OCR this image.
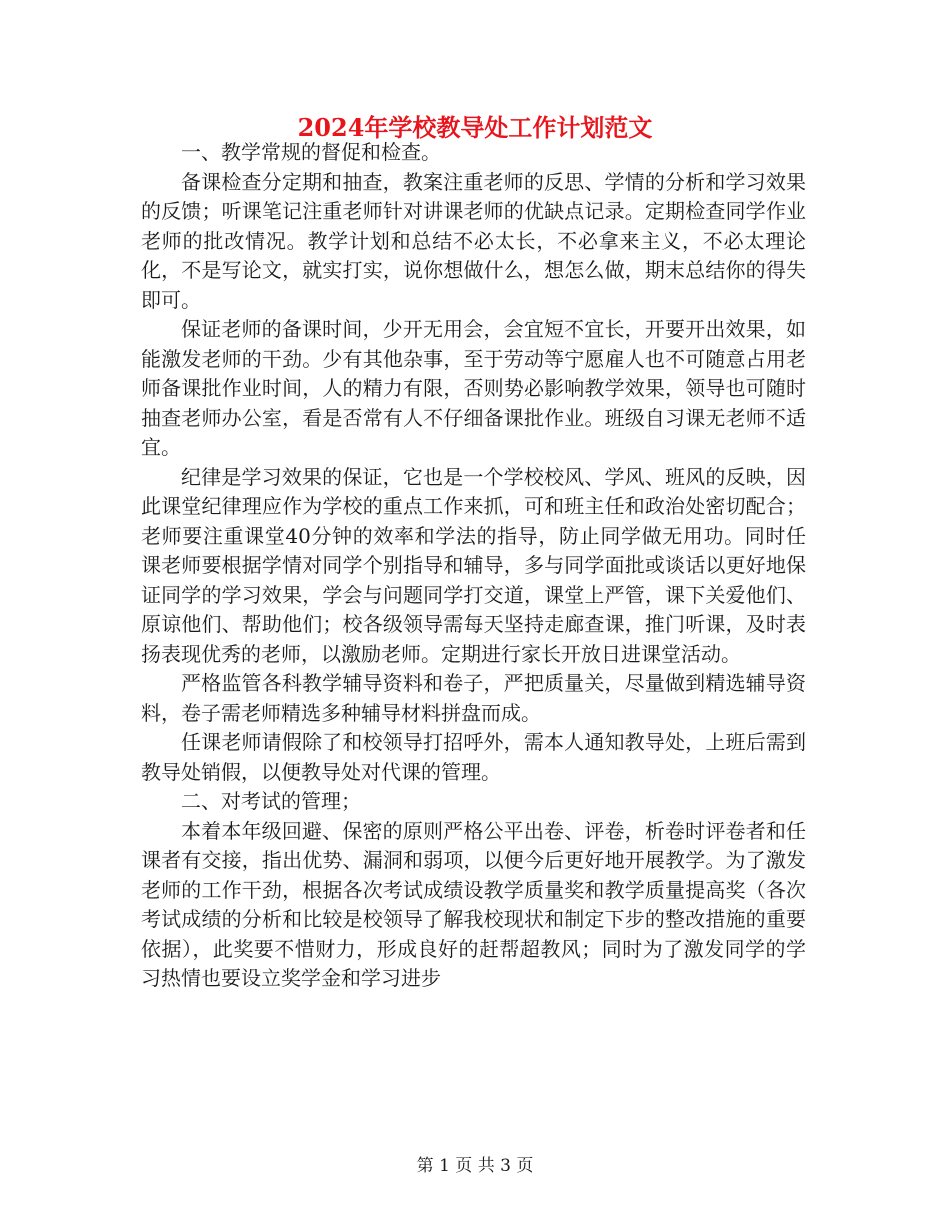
2024年学校教导处工作计划范文

一、教学常规的督促和检查。

备课检查分定期和抽查，教案注重老师的反思、学情的分析和学习效果的反馈；听课笔记注重老师针对讲课老师的优缺点记录。定期检查同学作业老师的批改情况。教学计划和总结不必太长，不必拿来主义，不必太理论化，不是写论文，就实打实，说你想做什么，想怎么做，期末总结你的得失即可。

保证老师的备课时间，少开无用会，会宜短不宜长，开要开出效果，如能激发老师的干劲。少有其他杂事，至于劳动等宁愿雇人也不可随意占用老师备课批作业时间，人的精力有限，否则势必影响教学效果，领导也可随时抽查老师办公室，看是否常有人不仔细备课批作业。班级自习课无老师不适宜。

纪律是学习效果的保证，它也是一个学校校风、学风、班风的反映，因此课堂纪律理应作为学校的重点工作来抓，可和班主任和政治处密切配合；老师要注重课堂40分钟的效率和学法的指导，防止同学做无用功。同时任课老师要根据学情对同学个别指导和辅导，多与同学面批或谈话以更好地保证同学的学习效果，学会与问题同学打交道，课堂上严管，课下关爱他们、原谅他们、帮助他们；校各级领导需每天坚持走廊查课，推门听课，及时表扬表现优秀的老师，以激励老师。定期进行家长开放日进课堂活动。

严格监管各科教学辅导资料和卷子，严把质量关，尽量做到精选辅导资料，卷子需老师精选多种辅导材料拼盘而成。

任课老师请假除了和校领导打招呼外，需本人通知教导处，上班后需到教导处销假，以便教导处对代课的管理。

二、对考试的管理；

本着本年级回避、保密的原则严格公平出卷、评卷，析卷时评卷者和任课者有交接，指出优势、漏洞和弱项，以便今后更好地开展教学。为了激发老师的工作干劲，根据各次考试成绩设教学质量奖和教学质量提高奖（各次考试成绩的分析和比较是校领导了解我校现状和制定下步的整改措施的重要依据），此奖要不惜财力，形成良好的赶帮超教风；同时为了激发同学的学习热情也要设立奖学金和学习进步

第 1 页 共 3 页
